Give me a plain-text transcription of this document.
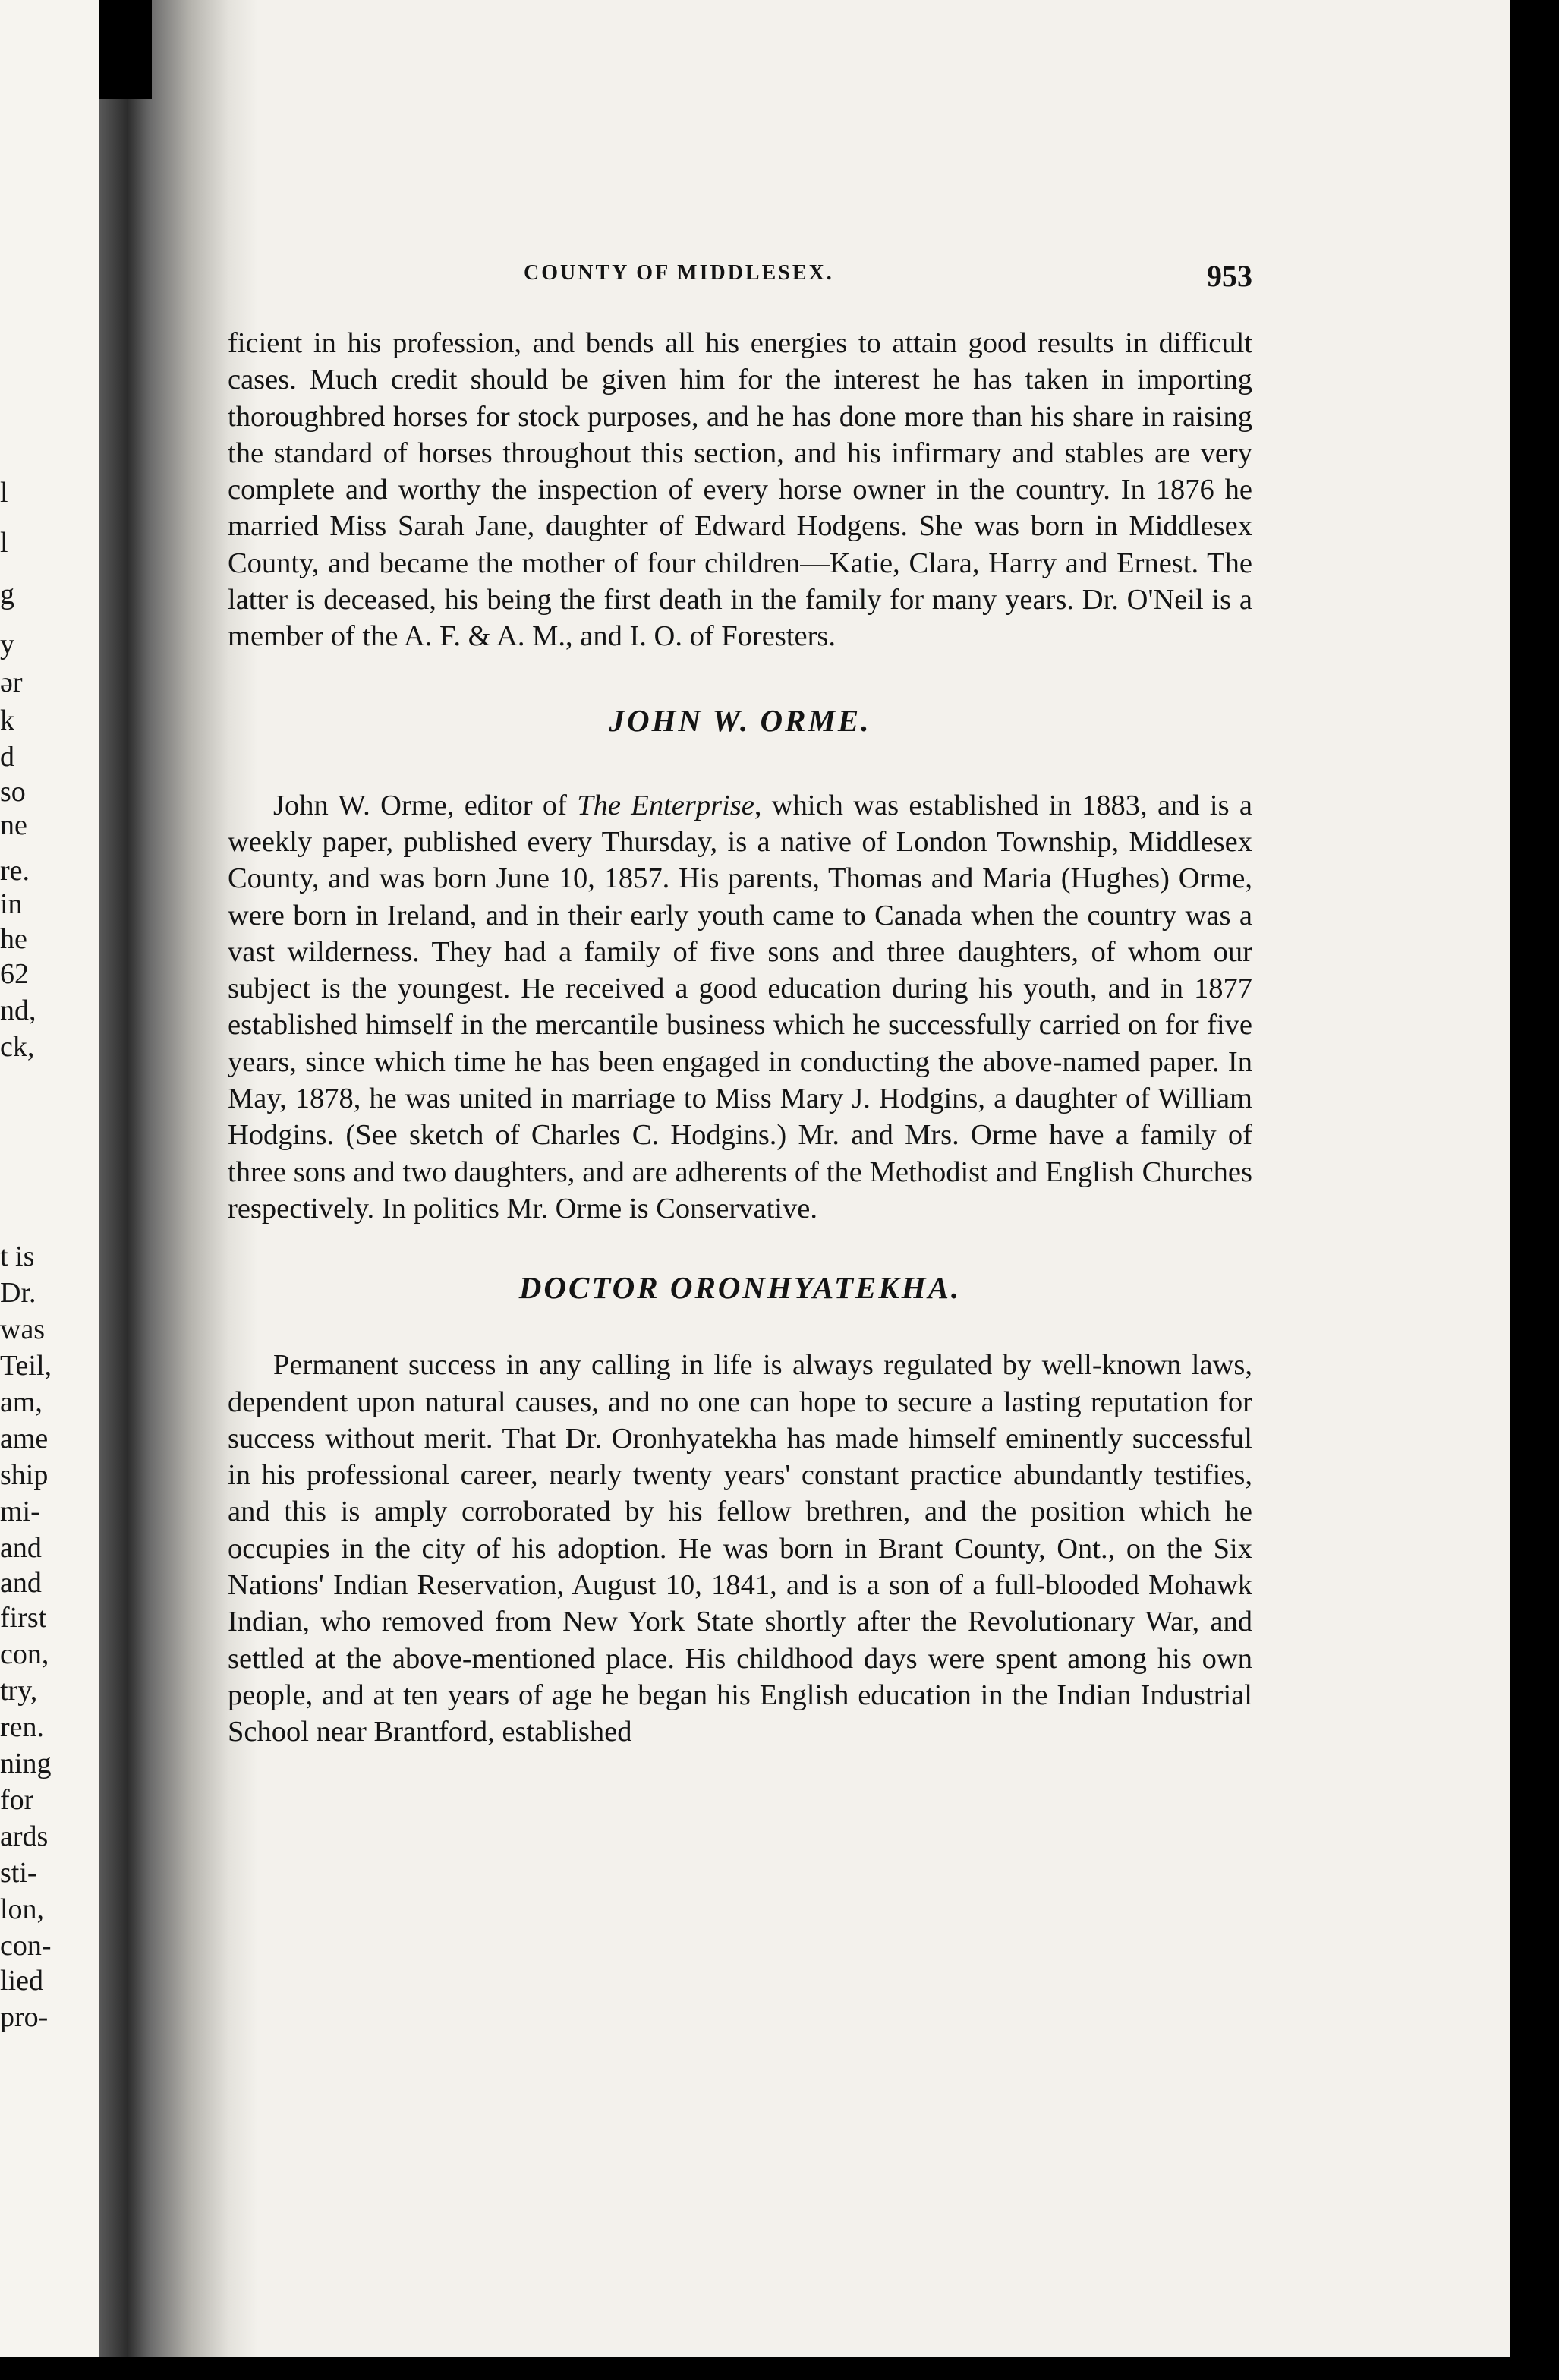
l
l
g
y
ər
k
d
so
ne
re.
in
he
62
nd,
ck,
t is
Dr.
was
Teil,
am,
ame
ship
mi-
and
and
first
con,
try,
ren.
ning
for
ards
sti-
lon,
con-
lied
pro-
COUNTY OF MIDDLESEX.	953

ficient in his profession, and bends all his energies to attain good results in difficult cases. Much credit should be given him for the interest he has taken in importing thoroughbred horses for stock purposes, and he has done more than his share in raising the standard of horses throughout this section, and his infirmary and stables are very complete and worthy the inspection of every horse owner in the country. In 1876 he married Miss Sarah Jane, daughter of Edward Hodgens. She was born in Middlesex County, and became the mother of four children—Katie, Clara, Harry and Ernest. The latter is deceased, his being the first death in the family for many years. Dr. O'Neil is a member of the A. F. & A. M., and I. O. of Foresters.

JOHN W. ORME.

John W. Orme, editor of The Enterprise, which was established in 1883, and is a weekly paper, published every Thursday, is a native of London Township, Middlesex County, and was born June 10, 1857. His parents, Thomas and Maria (Hughes) Orme, were born in Ireland, and in their early youth came to Canada when the country was a vast wilderness. They had a family of five sons and three daughters, of whom our subject is the youngest. He received a good education during his youth, and in 1877 established himself in the mercantile business which he successfully carried on for five years, since which time he has been engaged in conducting the above-named paper. In May, 1878, he was united in marriage to Miss Mary J. Hodgins, a daughter of William Hodgins. (See sketch of Charles C. Hodgins.) Mr. and Mrs. Orme have a family of three sons and two daughters, and are adherents of the Methodist and English Churches respectively. In politics Mr. Orme is Conservative.

DOCTOR ORONHYATEKHA.

Permanent success in any calling in life is always regulated by well-known laws, dependent upon natural causes, and no one can hope to secure a lasting reputation for success without merit. That Dr. Oronhyatekha has made himself eminently successful in his professional career, nearly twenty years' constant practice abundantly testifies, and this is amply corroborated by his fellow brethren, and the position which he occupies in the city of his adoption. He was born in Brant County, Ont., on the Six Nations' Indian Reservation, August 10, 1841, and is a son of a full-blooded Mohawk Indian, who removed from New York State shortly after the Revolutionary War, and settled at the above-mentioned place. His childhood days were spent among his own people, and at ten years of age he began his English education in the Indian Industrial School near Brantford, established
